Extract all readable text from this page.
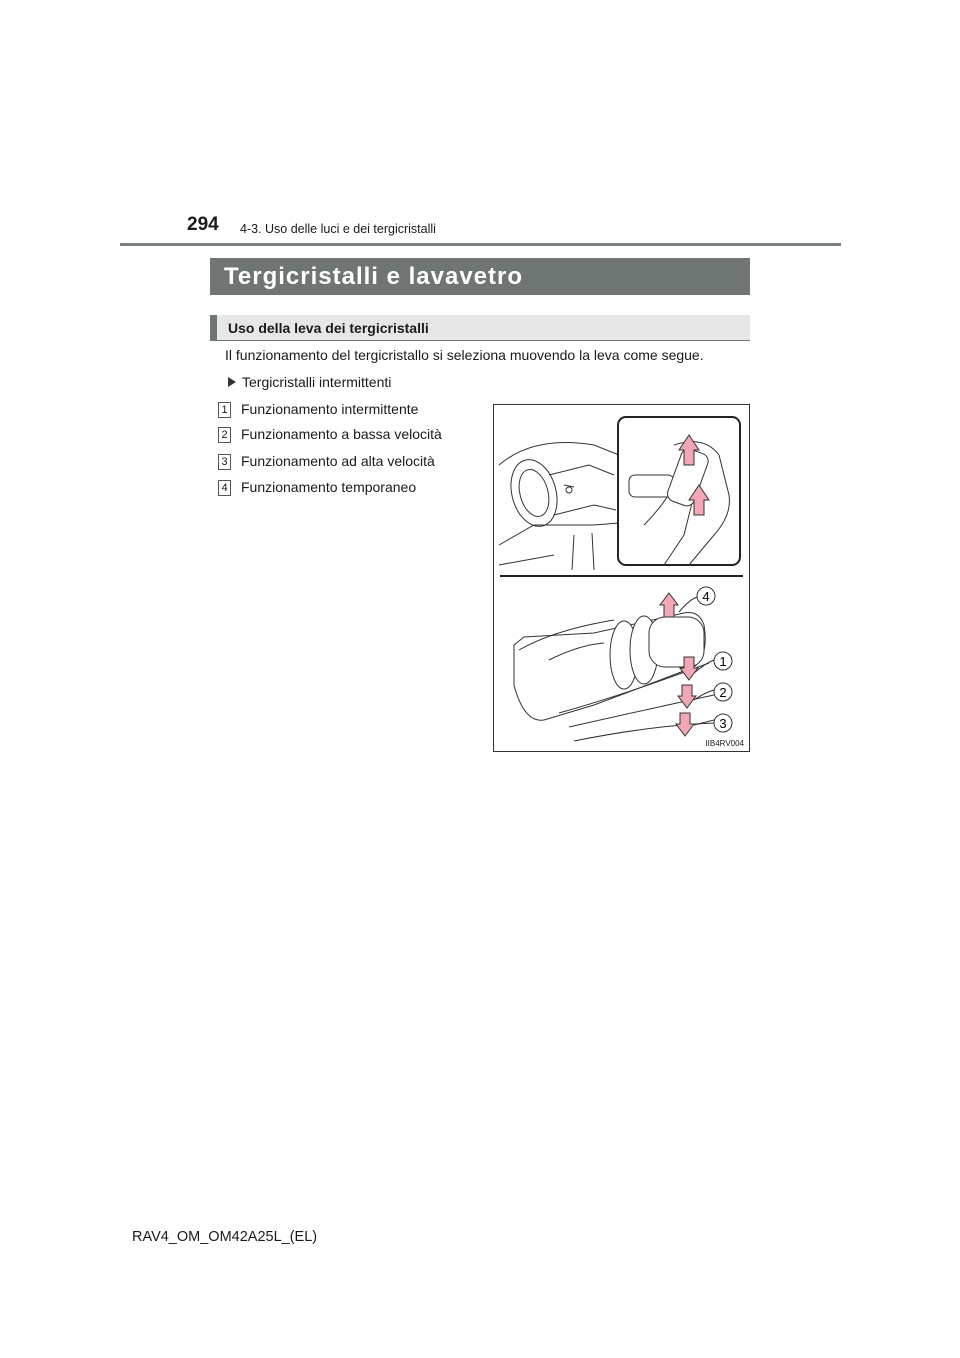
294 4-3. Uso delle luci e dei tergicristalli
Tergicristalli e lavavetro
Uso della leva dei tergicristalli
Il funzionamento del tergicristallo si seleziona muovendo la leva come segue.
Tergicristalli intermittenti
1 Funzionamento intermittente
2 Funzionamento a bassa velocità
3 Funzionamento ad alta velocità
4 Funzionamento temporaneo
4
1
2
3
IIB4RV004
RAV4_OM_OM42A25L_(EL)
